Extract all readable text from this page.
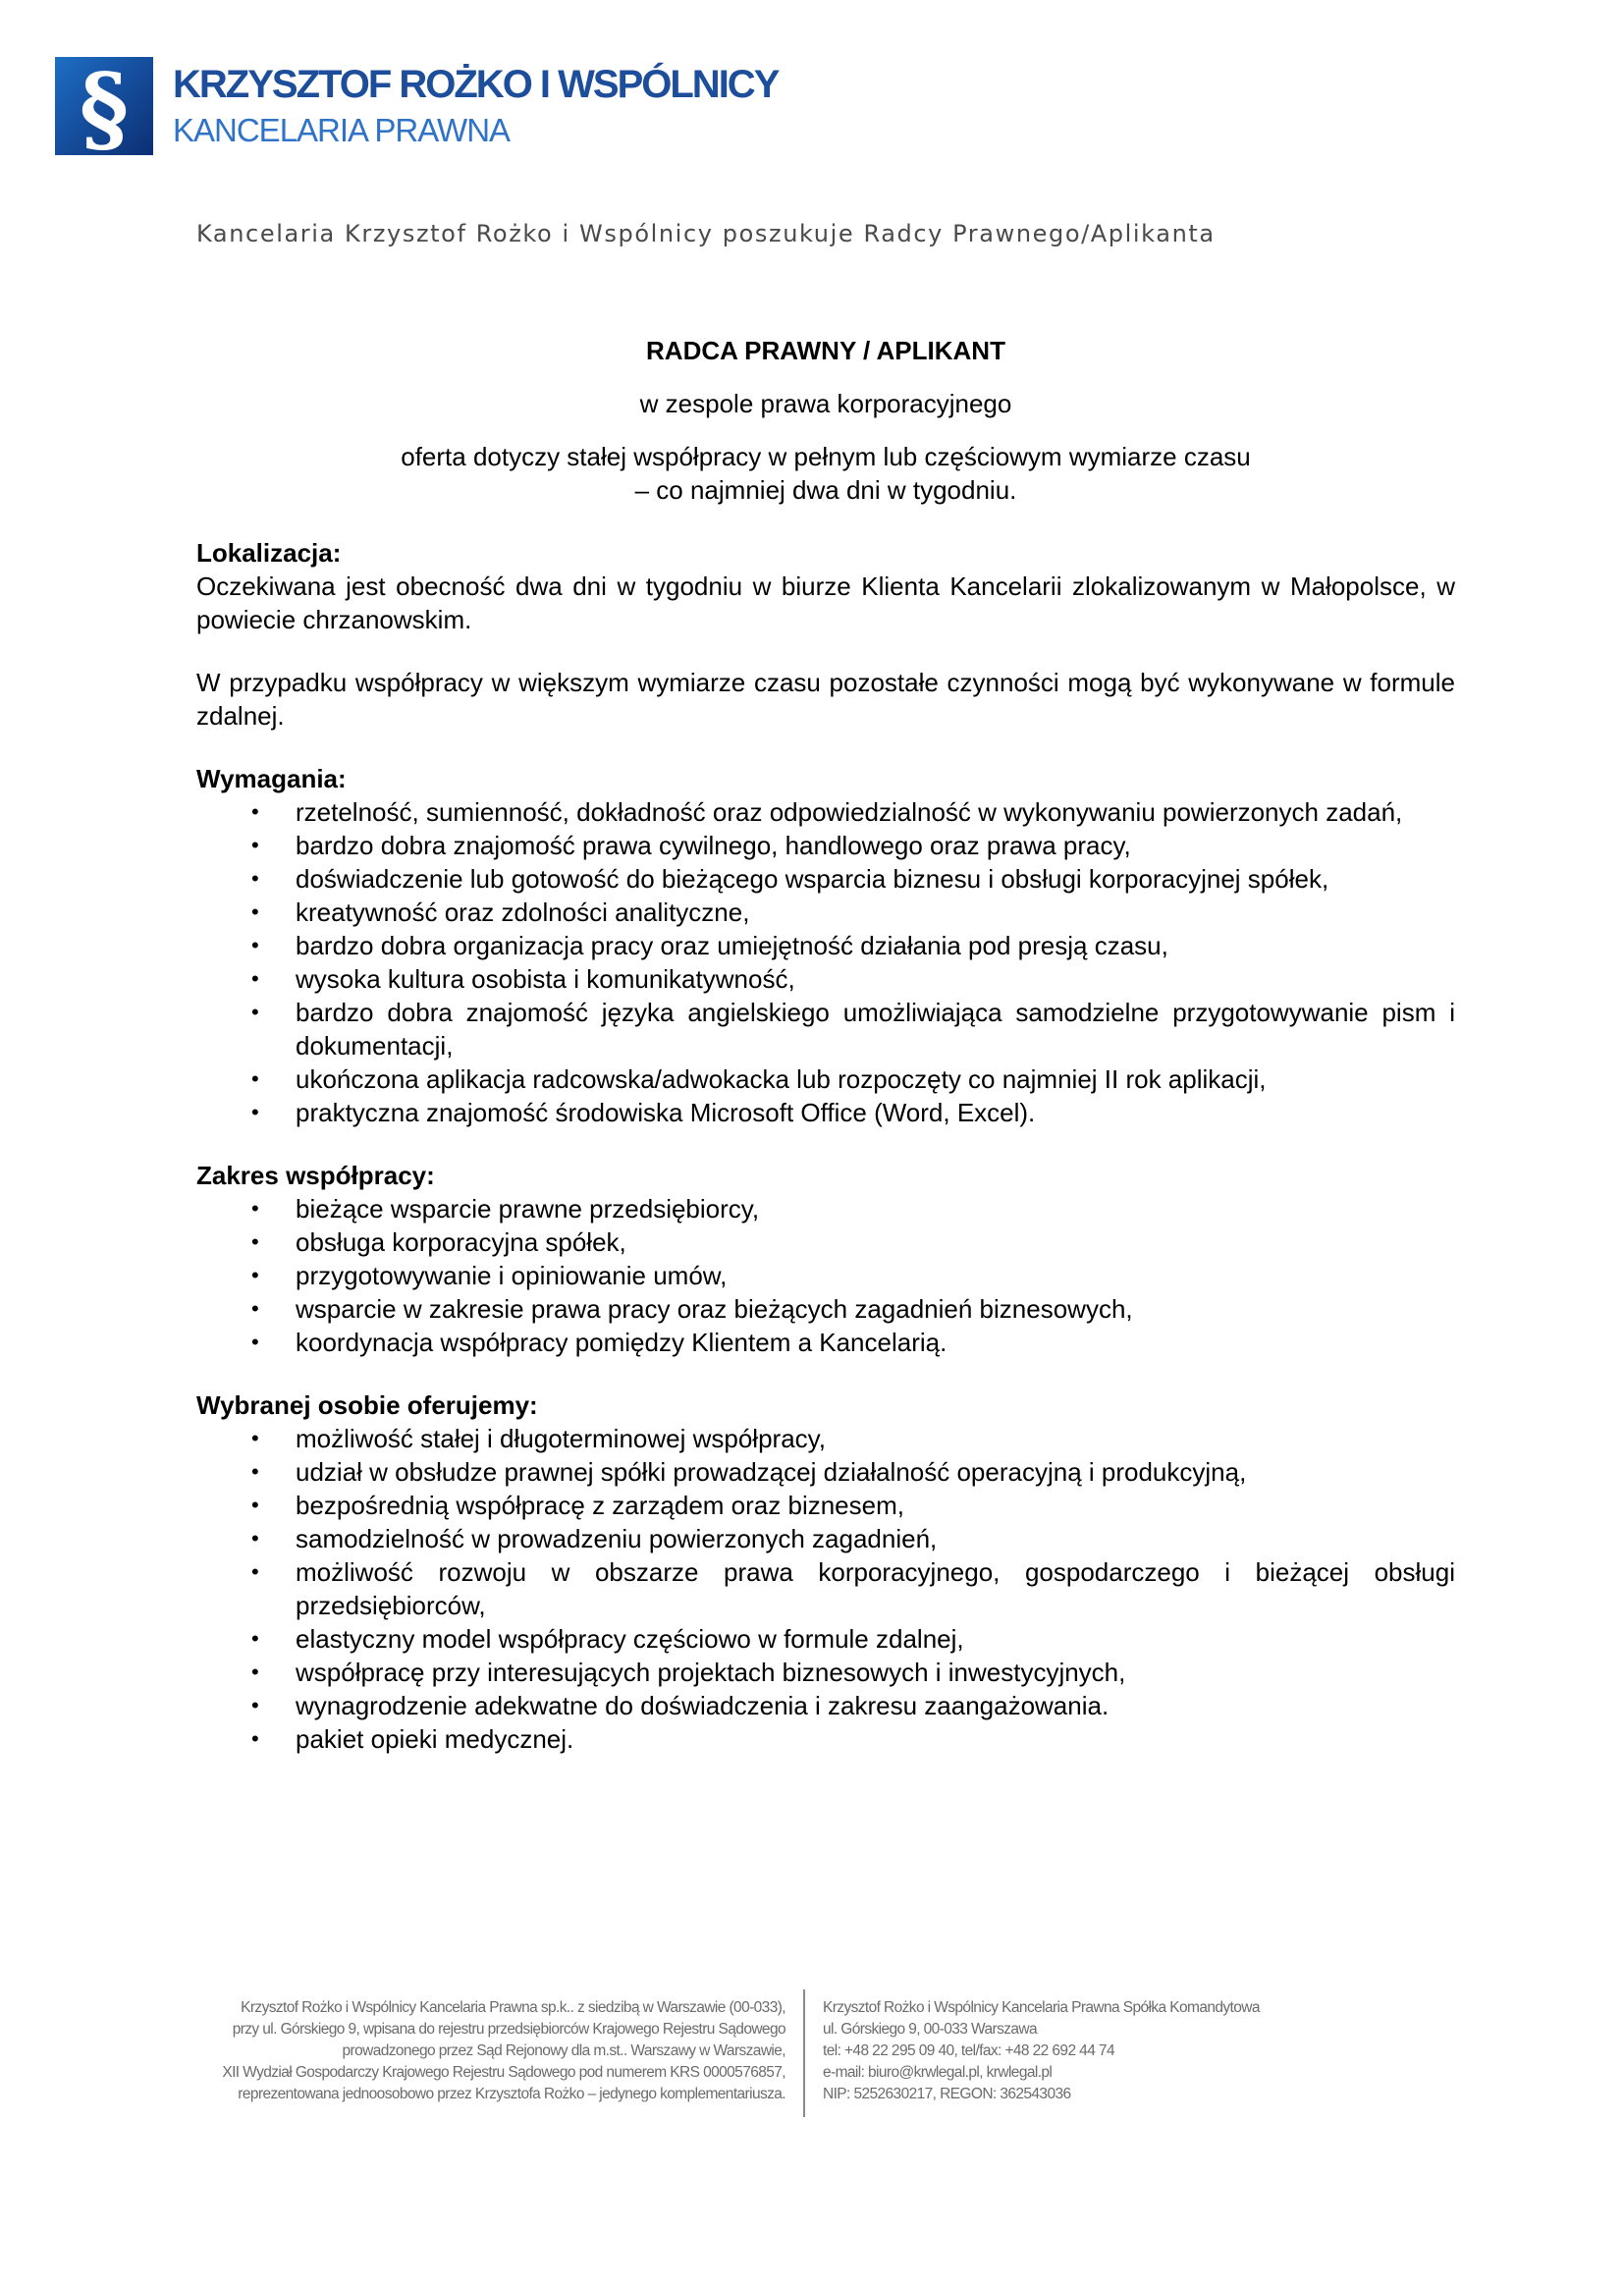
§ KRZYSZTOF ROŻKO I WSPÓLNICY
KANCELARIA PRAWNA
Kancelaria Krzysztof Rożko i Wspólnicy poszukuje Radcy Prawnego/Aplikanta
RADCA PRAWNY / APLIKANT
w zespole prawa korporacyjnego
oferta dotyczy stałej współpracy w pełnym lub częściowym wymiarze czasu
– co najmniej dwa dni w tygodniu.
Lokalizacja:

Oczekiwana jest obecność dwa dni w tygodniu w biurze Klienta Kancelarii zlokalizowanym w Małopolsce, w powiecie chrzanowskim.

W przypadku współpracy w większym wymiarze czasu pozostałe czynności mogą być wykonywane w formule zdalnej.

Wymagania:
• rzetelność, sumienność, dokładność oraz odpowiedzialność w wykonywaniu powierzonych zadań,
• bardzo dobra znajomość prawa cywilnego, handlowego oraz prawa pracy,
• doświadczenie lub gotowość do bieżącego wsparcia biznesu i obsługi korporacyjnej spółek,
• kreatywność oraz zdolności analityczne,
• bardzo dobra organizacja pracy oraz umiejętność działania pod presją czasu,
• wysoka kultura osobista i komunikatywność,
• bardzo dobra znajomość języka angielskiego umożliwiająca samodzielne przygotowywanie pism i dokumentacji,
• ukończona aplikacja radcowska/adwokacka lub rozpoczęty co najmniej II rok aplikacji,
• praktyczna znajomość środowiska Microsoft Office (Word, Excel).
Zakres współpracy:
• bieżące wsparcie prawne przedsiębiorcy,
• obsługa korporacyjna spółek,
• przygotowywanie i opiniowanie umów,
• wsparcie w zakresie prawa pracy oraz bieżących zagadnień biznesowych,
• koordynacja współpracy pomiędzy Klientem a Kancelarią.
Wybranej osobie oferujemy:
• możliwość stałej i długoterminowej współpracy,
• udział w obsłudze prawnej spółki prowadzącej działalność operacyjną i produkcyjną,
• bezpośrednią współpracę z zarządem oraz biznesem,
• samodzielność w prowadzeniu powierzonych zagadnień,
• możliwość rozwoju w obszarze prawa korporacyjnego, gospodarczego i bieżącej obsługi przedsiębiorców,
• elastyczny model współpracy częściowo w formule zdalnej,
• współpracę przy interesujących projektach biznesowych i inwestycyjnych,
• wynagrodzenie adekwatne do doświadczenia i zakresu zaangażowania.
• pakiet opieki medycznej.
Krzysztof Rożko i Wspólnicy Kancelaria Prawna sp.k.. z siedzibą w Warszawie (00-033),
przy ul. Górskiego 9, wpisana do rejestru przedsiębiorców Krajowego Rejestru Sądowego
prowadzonego przez Sąd Rejonowy dla m.st.. Warszawy w Warszawie,
XII Wydział Gospodarczy Krajowego Rejestru Sądowego pod numerem KRS 0000576857,
reprezentowana jednoosobowo przez Krzysztofa Rożko – jedynego komplementariusza.
Krzysztof Rożko i Wspólnicy Kancelaria Prawna Spółka Komandytowa
ul. Górskiego 9, 00-033 Warszawa
tel: +48 22 295 09 40, tel/fax: +48 22 692 44 74
e-mail: biuro@krwlegal.pl, krwlegal.pl
NIP: 5252630217, REGON: 362543036
